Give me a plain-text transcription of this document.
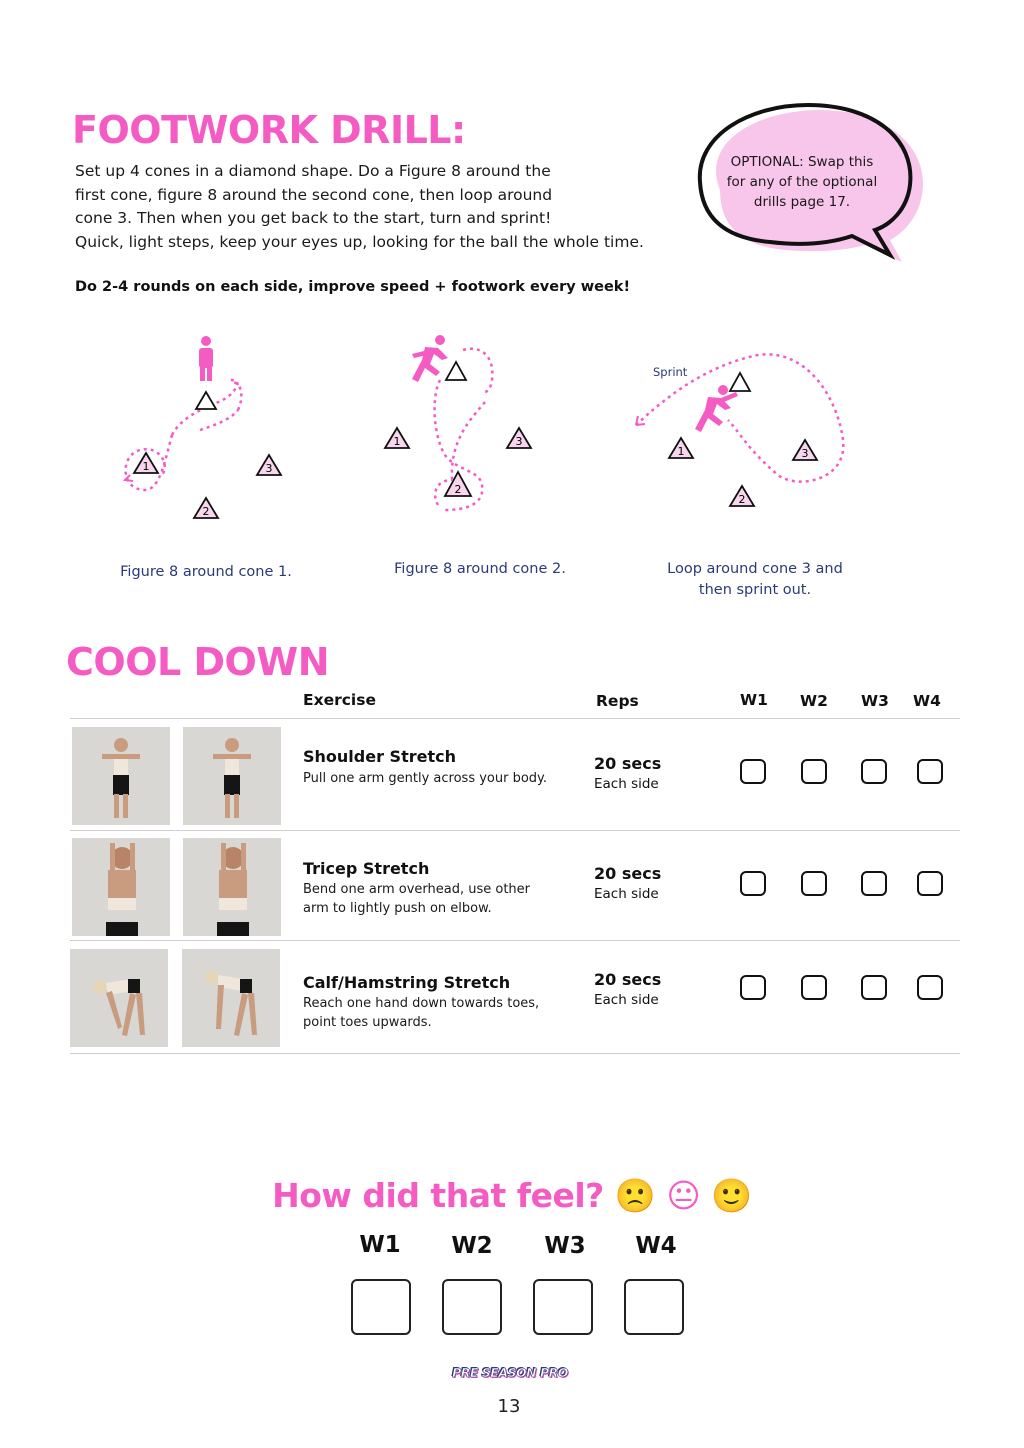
FOOTWORK DRILL:
Set up 4 cones in a diamond shape. Do a Figure 8 around the
first cone, figure 8 around the second cone, then loop around
cone 3. Then when you get back to the start, turn and sprint!
Quick, light steps, keep your eyes up, looking for the ball the whole time.
Do 2-4 rounds on each side, improve speed + footwork every week!
OPTIONAL: Swap this
for any of the optional
drills page 17.
1
2
3
Figure 8 around cone 1.
1
2
3
Figure 8 around cone 2.
Sprint
1
2
3
Loop around cone 3 and
then sprint out.
COOL DOWN
Exercise	Reps	W1 W2 W3 W4
Shoulder Stretch
Pull one arm gently across your body.
20 secs
Each side
Tricep Stretch
Bend one arm overhead, use other
arm to lightly push on elbow.
20 secs
Each side
Calf/Hamstring Stretch
Reach one hand down towards toes,
point toes upwards.
20 secs
Each side
How did that feel? 🙁 😐 🙂
W1	W2	W3	W4
PRE SEASON PRO
13
